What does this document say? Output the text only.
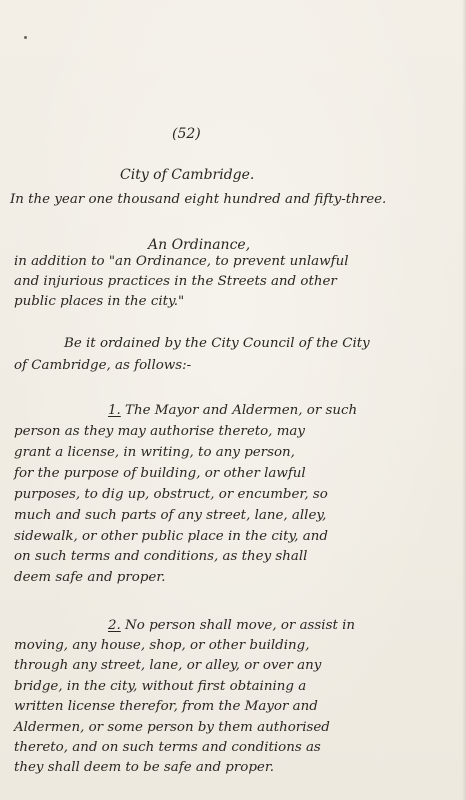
(52)
City of Cambridge.
In the year one thousand eight hundred and fifty-three.
An Ordinance,
in addition to "an Ordinance, to prevent unlawful
and injurious practices in the Streets and other
public places in the city."
Be it ordained by the City Council of the City
of Cambridge, as follows:-
1. The Mayor and Aldermen, or such
person as they may authorise thereto, may
grant a license, in writing, to any person,
for the purpose of building, or other lawful
purposes, to dig up, obstruct, or encumber, so
much and such parts of any street, lane, alley,
sidewalk, or other public place in the city, and
on such terms and conditions, as they shall
deem safe and proper.
2. No person shall move, or assist in
moving, any house, shop, or other building,
through any street, lane, or alley, or over any
bridge, in the city, without first obtaining a
written license therefor, from the Mayor and
Aldermen, or some person by them authorised
thereto, and on such terms and conditions as
they shall deem to be safe and proper.
